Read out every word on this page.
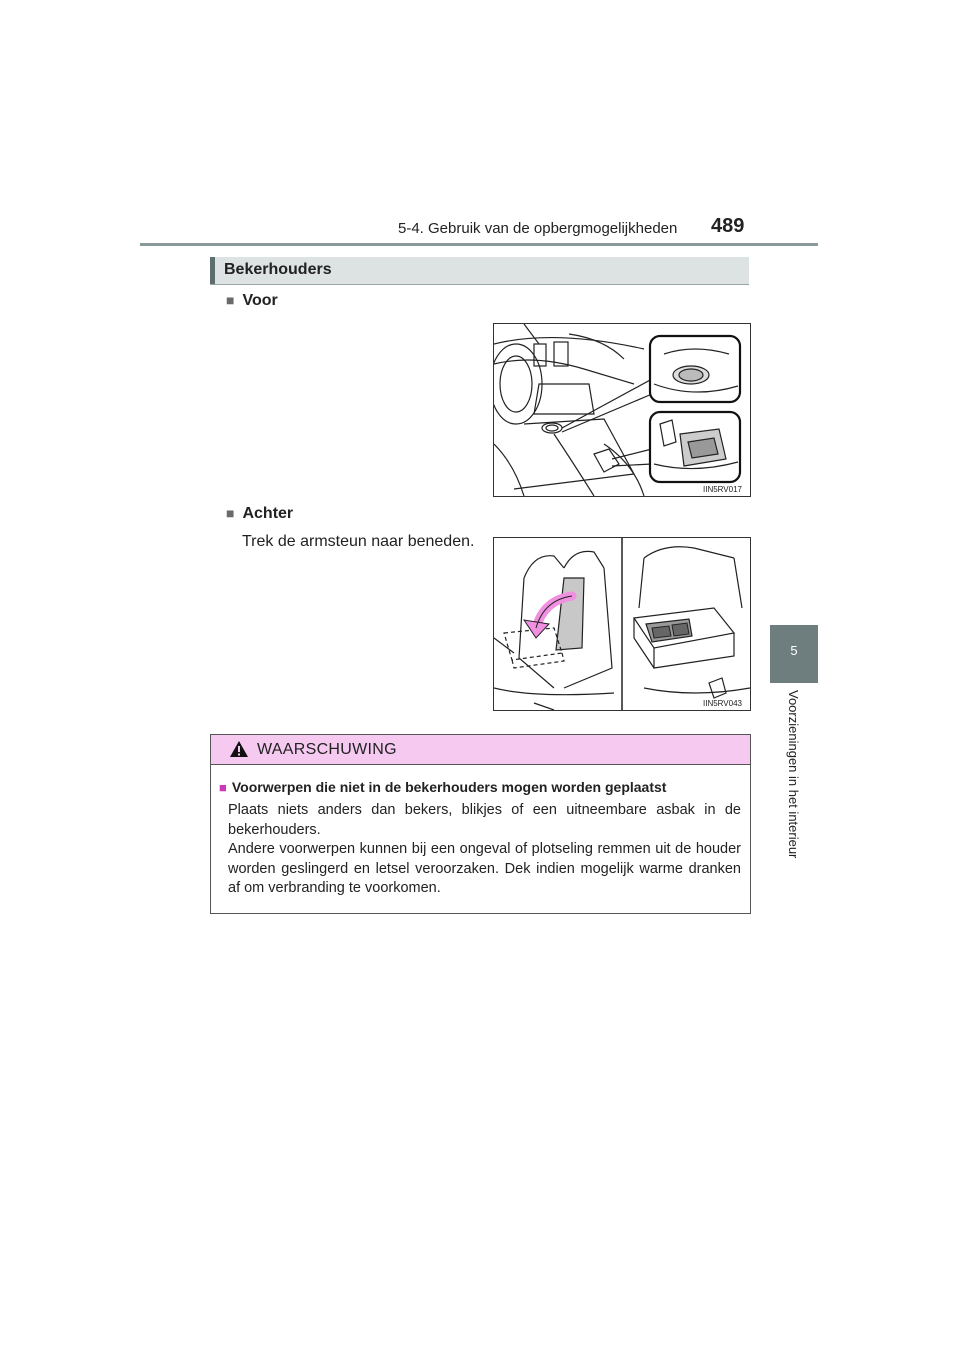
5-4. Gebruik van de opbergmogelijkheden 489
5
Voorzieningen in het interieur
Bekerhouders
■ Voor
IIN5RV017
■ Achter
Trek de armsteun naar beneden.
IIN5RV043
WAARSCHUWING
■ Voorwerpen die niet in de bekerhouders mogen worden geplaatst

Plaats niets anders dan bekers, blikjes of een uitneembare asbak in de bekerhouders.

Andere voorwerpen kunnen bij een ongeval of plotseling remmen uit de houder worden geslingerd en letsel veroorzaken. Dek indien mogelijk warme dranken af om verbranding te voorkomen.
